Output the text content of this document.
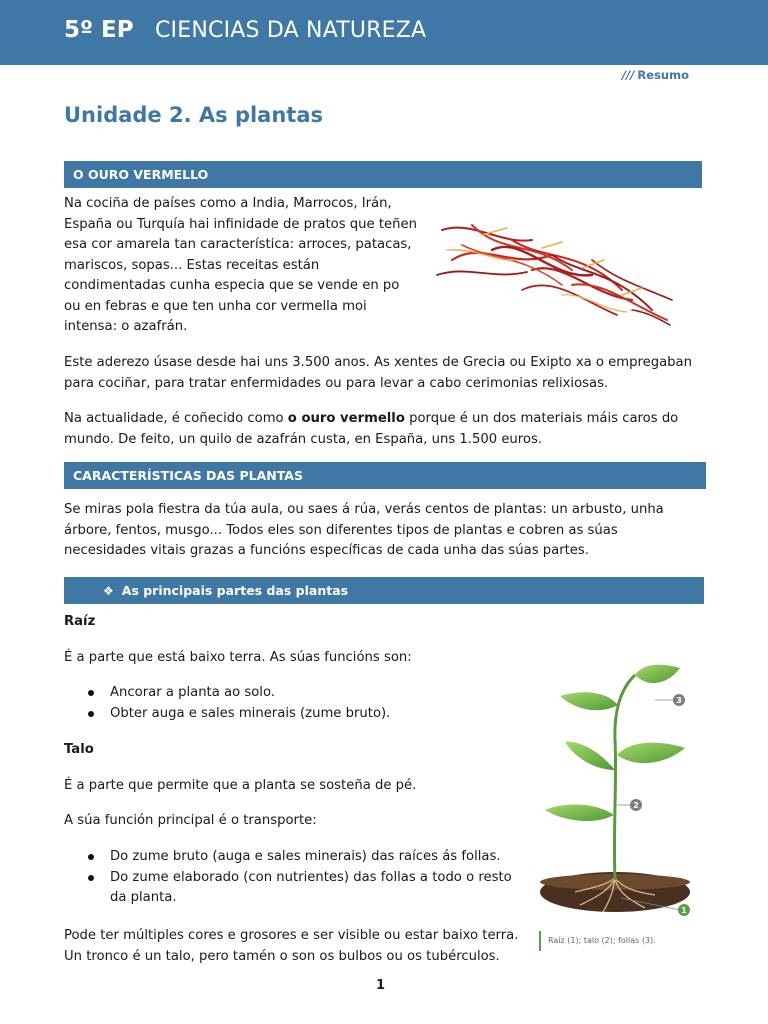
5º EP CIENCIAS DA NATUREZA
/// Resumo
Unidade 2. As plantas
O OURO VERMELLO

Na cociña de países como a India, Marrocos, Irán,
España ou Turquía hai infinidade de pratos que teñen
esa cor amarela tan característica: arroces, patacas,
mariscos, sopas... Estas receitas están
condimentadas cunha especia que se vende en po
ou en febras e que ten unha cor vermella moi
intensa: o azafrán.

Este aderezo úsase desde hai uns 3.500 anos. As xentes de Grecia ou Exipto xa o empregaban
para cociñar, para tratar enfermidades ou para levar a cabo cerimonias relixiosas.

Na actualidade, é coñecido como o ouro vermello porque é un dos materiais máis caros do
mundo. De feito, un quilo de azafrán custa, en España, uns 1.500 euros.

CARACTERÍSTICAS DAS PLANTAS

Se miras pola fiestra da túa aula, ou saes á rúa, verás centos de plantas: un arbusto, unha
árbore, fentos, musgo... Todos eles son diferentes tipos de plantas e cobren as súas
necesidades vitais grazas a funcións específicas de cada unha das súas partes.

❖ As principais partes das plantas

Raíz

É a parte que está baixo terra. As súas funcións son:

Ancorar a planta ao solo.
Obter auga e sales minerais (zume bruto).

Talo

É a parte que permite que a planta se sosteña de pé.

A súa función principal é o transporte:

Do zume bruto (auga e sales minerais) das raíces ás follas.
Do zume elaborado (con nutrientes) das follas a todo o resto
da planta.

Pode ter múltiples cores e grosores e ser visible ou estar baixo terra.
Un tronco é un talo, pero tamén o son os bulbos ou os tubérculos.

3
2
1
Raíz (1); talo (2); follas (3).
1
